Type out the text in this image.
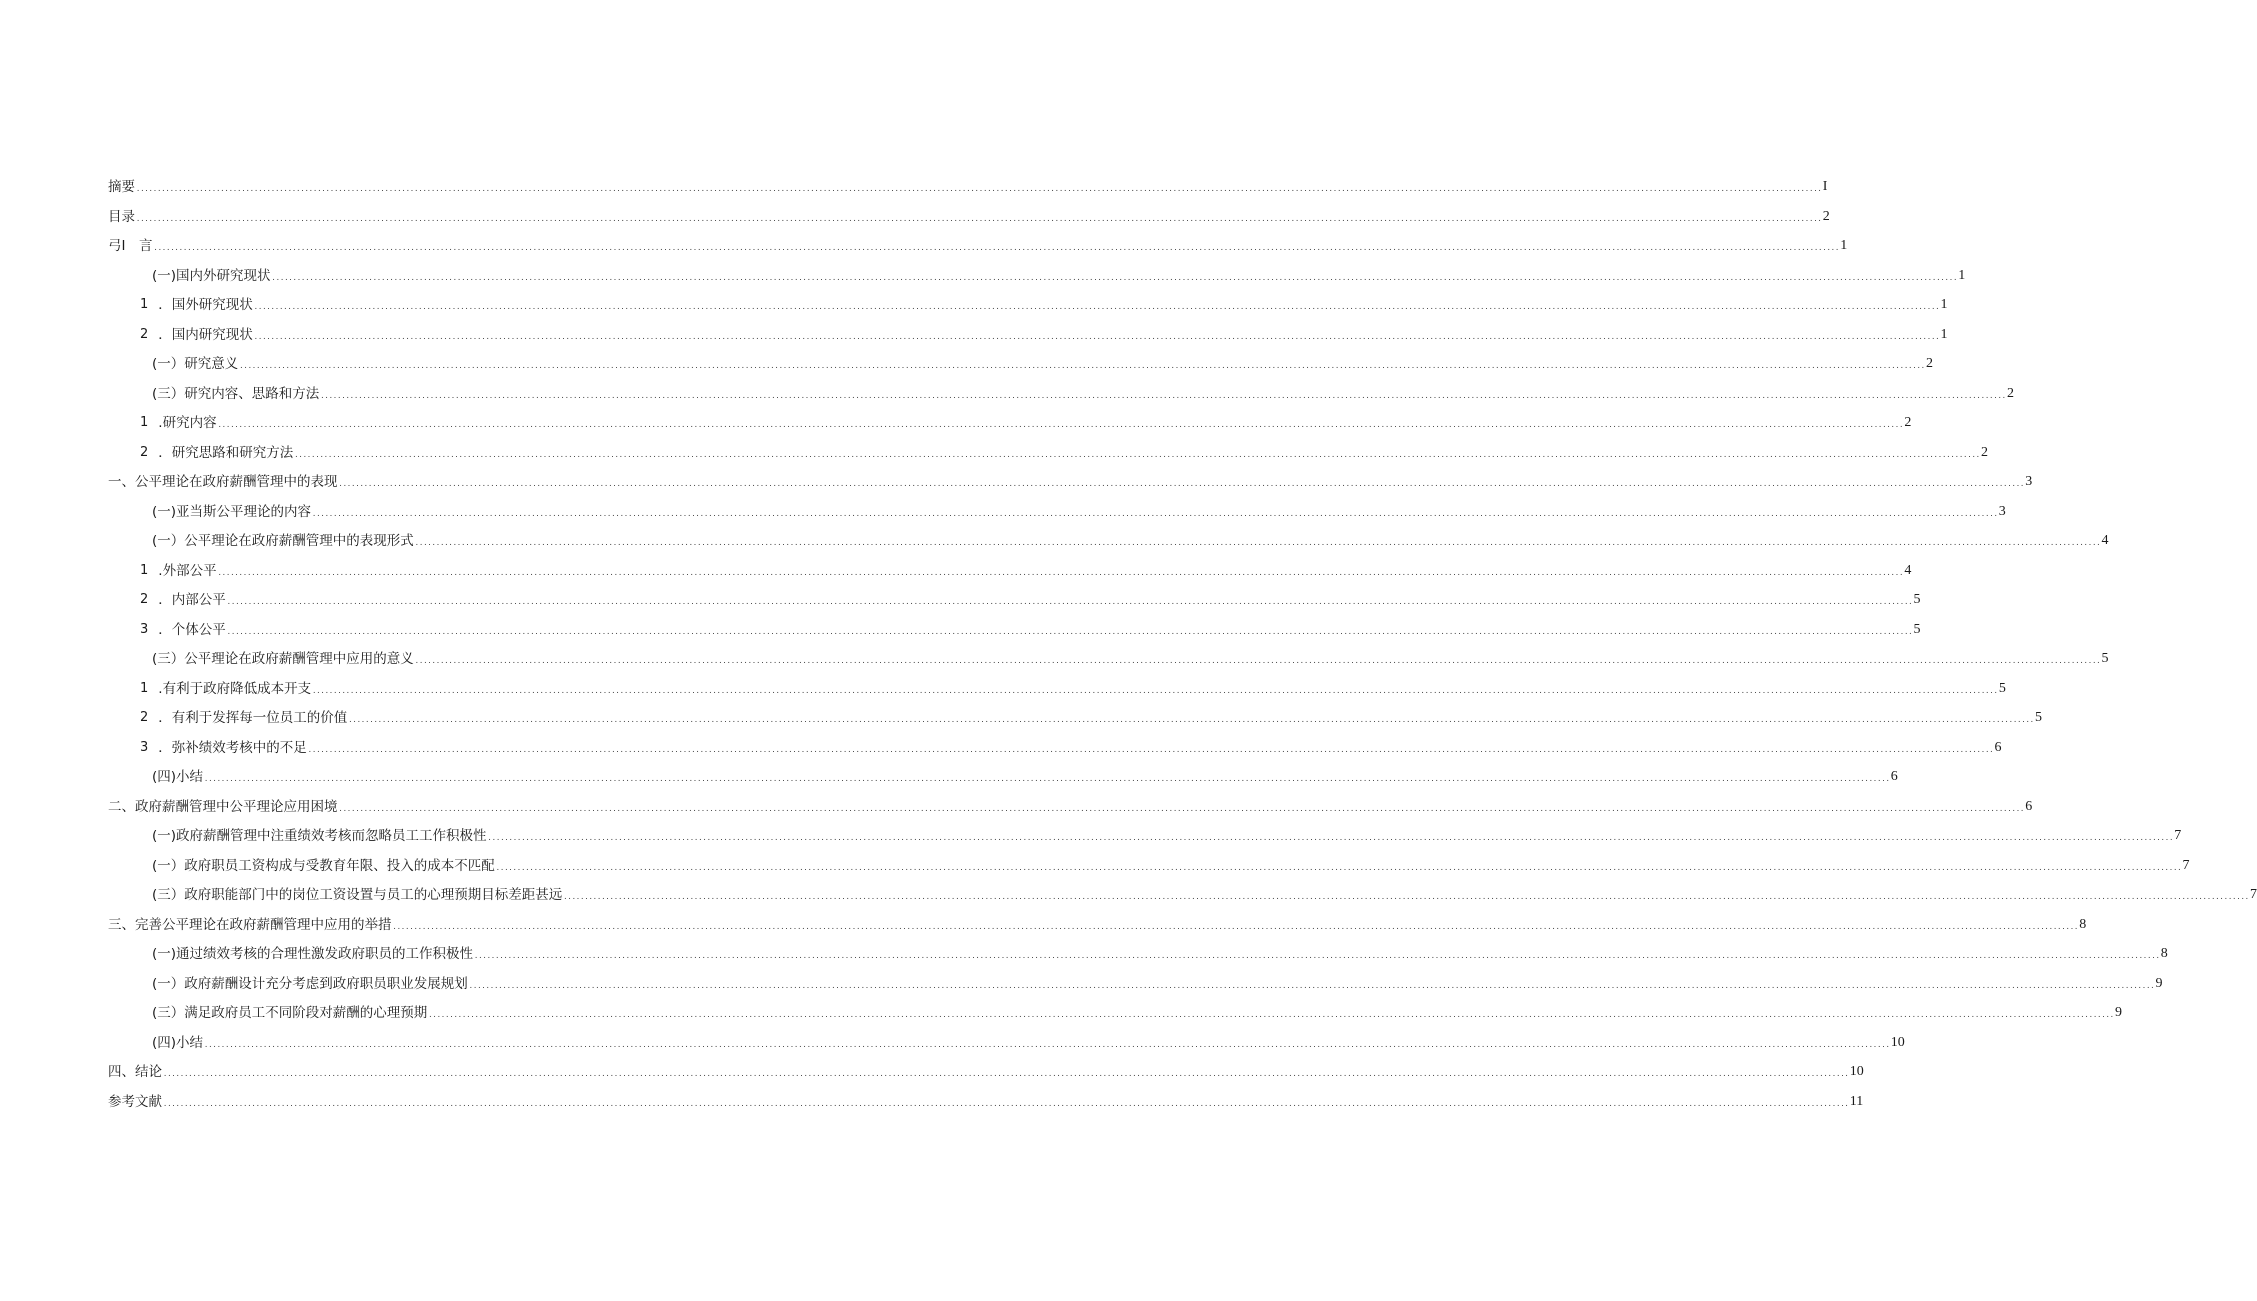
摘要 ................................................................................................................................................................................................................................................................................................................................................................................................................ I
目录 ................................................................................................................................................................................................................................................................................................................................................................................................................ 2
弓I　言 ................................................................................................................................................................................................................................................................................................................................................................................................................ 1
(一)国内外研究现状 ................................................................................................................................................................................................................................................................................................................................................................................................................ 1
1 ．国外研究现状 ................................................................................................................................................................................................................................................................................................................................................................................................................ 1
2 ．国内研究现状 ................................................................................................................................................................................................................................................................................................................................................................................................................ 1
(一）研究意义 ................................................................................................................................................................................................................................................................................................................................................................................................................ 2
(三）研究内容、思路和方法 ................................................................................................................................................................................................................................................................................................................................................................................................................ 2
1 .研究内容 ................................................................................................................................................................................................................................................................................................................................................................................................................ 2
2 ．研究思路和研究方法 ................................................................................................................................................................................................................................................................................................................................................................................................................ 2
一、公平理论在政府薪酬管理中的表现 ................................................................................................................................................................................................................................................................................................................................................................................................................ 3
(一)亚当斯公平理论的内容 ................................................................................................................................................................................................................................................................................................................................................................................................................ 3
(一）公平理论在政府薪酬管理中的表现形式 ................................................................................................................................................................................................................................................................................................................................................................................................................ 4
1 .外部公平 ................................................................................................................................................................................................................................................................................................................................................................................................................ 4
2 ．内部公平 ................................................................................................................................................................................................................................................................................................................................................................................................................ 5
3 ．个体公平 ................................................................................................................................................................................................................................................................................................................................................................................................................ 5
(三）公平理论在政府薪酬管理中应用的意义 ................................................................................................................................................................................................................................................................................................................................................................................................................ 5
1 .有利于政府降低成本开支 ................................................................................................................................................................................................................................................................................................................................................................................................................ 5
2 ．有利于发挥每一位员工的价值 ................................................................................................................................................................................................................................................................................................................................................................................................................ 5
3 ．弥补绩效考核中的不足 ................................................................................................................................................................................................................................................................................................................................................................................................................ 6
(四)小结 ................................................................................................................................................................................................................................................................................................................................................................................................................ 6
二、政府薪酬管理中公平理论应用困境 ................................................................................................................................................................................................................................................................................................................................................................................................................ 6
(一)政府薪酬管理中注重绩效考核而忽略员工工作积极性 ................................................................................................................................................................................................................................................................................................................................................................................................................ 7
(一）政府职员工资构成与受教育年限、投入的成本不匹配 ................................................................................................................................................................................................................................................................................................................................................................................................................ 7
(三）政府职能部门中的岗位工资设置与员工的心理预期目标差距甚远 ................................................................................................................................................................................................................................................................................................................................................................................................................ 7
三、完善公平理论在政府薪酬管理中应用的举措 ................................................................................................................................................................................................................................................................................................................................................................................................................ 8
(一)通过绩效考核的合理性激发政府职员的工作积极性 ................................................................................................................................................................................................................................................................................................................................................................................................................ 8
(一）政府薪酬设计充分考虑到政府职员职业发展规划 ................................................................................................................................................................................................................................................................................................................................................................................................................ 9
(三）满足政府员工不同阶段对薪酬的心理预期 ................................................................................................................................................................................................................................................................................................................................................................................................................ 9
(四)小结 ................................................................................................................................................................................................................................................................................................................................................................................................................ 10
四、结论 ................................................................................................................................................................................................................................................................................................................................................................................................................ 10
参考文献 ................................................................................................................................................................................................................................................................................................................................................................................................................ 11
